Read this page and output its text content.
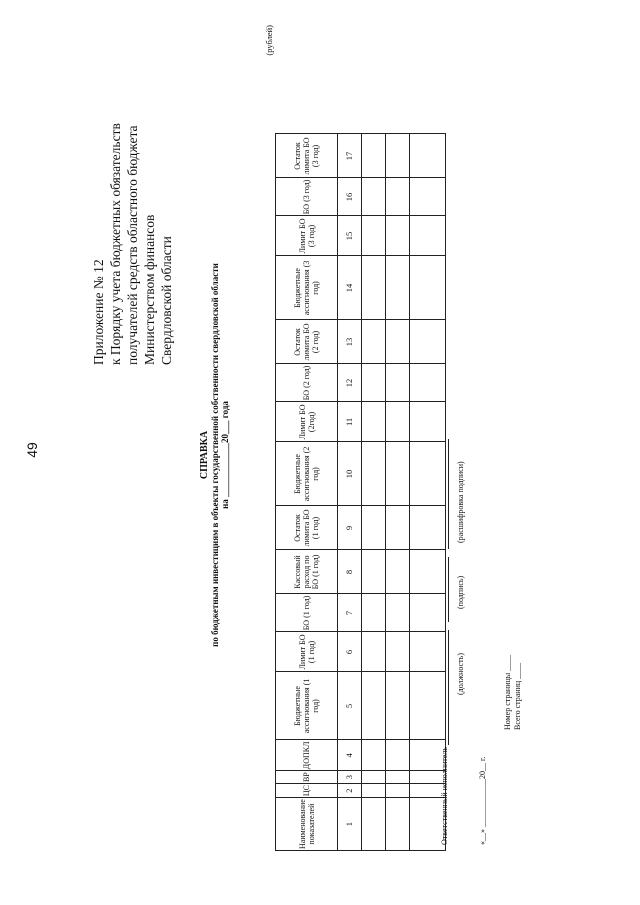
49
Приложение № 12 к Порядку учета бюджетных обязательств получателей средств областного бюджета Министерством финансов Свердловской области
СПРАВКА по бюджетным инвестициям в объекты государственной собственности свердловской области на ____________20___ года
(рублей)
Наименование показателей	ЦС	ВР	ДОПКЛ	Бюджетные ассигнования (1 год)	Лимит БО (1 год)	БО (1 год)	Кассовый расход по БО (1 год)	Остаток лимита БО (1 год)	Бюджетные ассигнования (2 год)	Лимит БО (2год)	БО (2 год)	Остаток лимита БО (2 год)	Бюджетные ассигнования (3 год)	Лимит БО (3 год)	БО (3 год)	Остаток лимита БО (3 год)
1	2	3	4	5	6	7	8	9	10	11	12	13	14	15	16	17

Ответственный исполнитель
(должность)
(подпись)
(расшифровка подписи)
«__» ____________20__ г.
Номер страницы ____ Всего страниц ____
